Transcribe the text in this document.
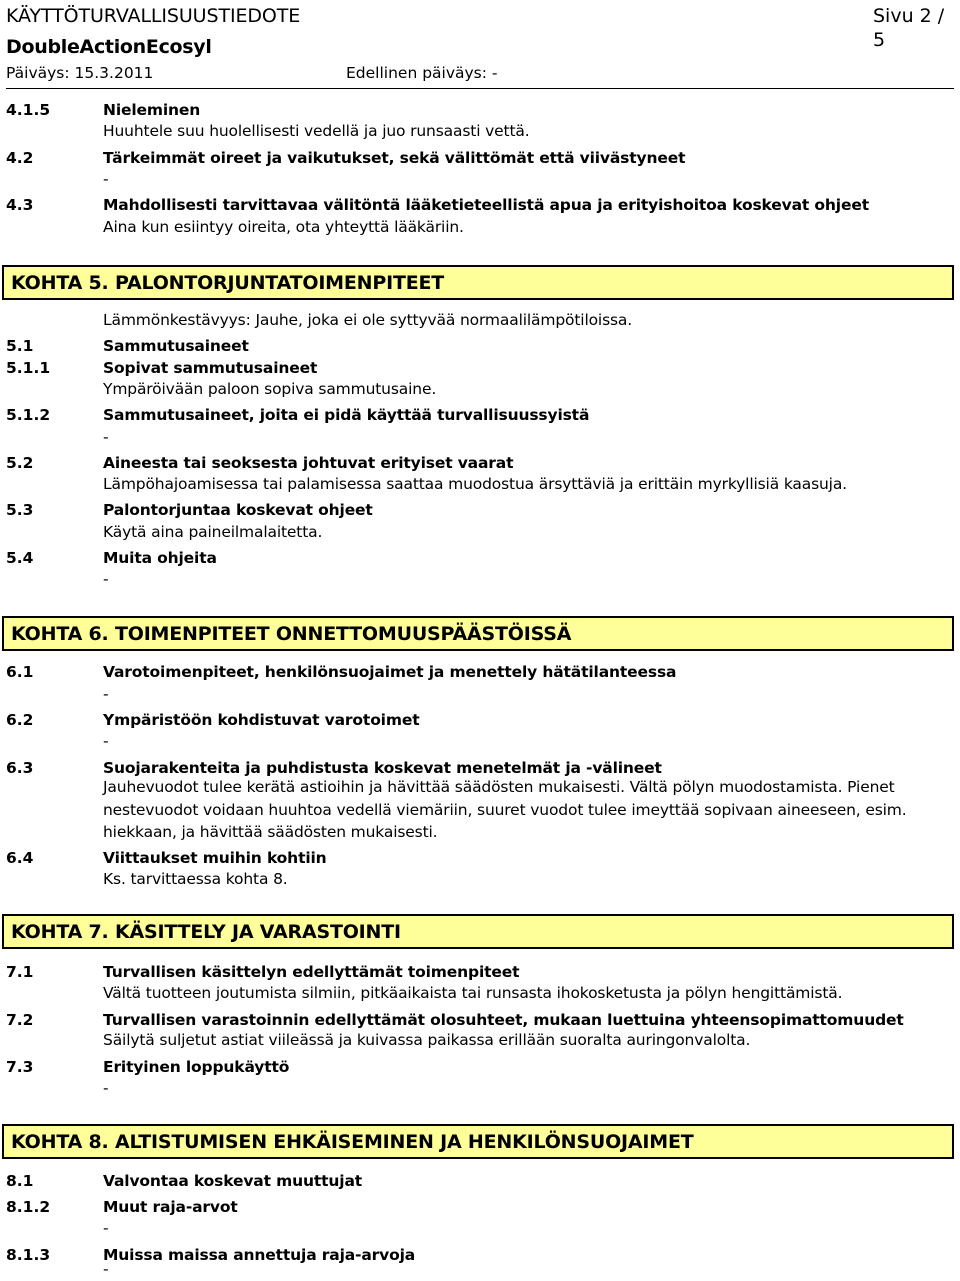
KÄYTTÖTURVALLISUUSTIEDOTE	Sivu 2 / 5
DoubleActionEcosyl
Päiväys: 15.3.2011	Edellinen päiväys: -
4.1.5	Nieleminen
Huuhtele suu huolellisesti vedellä ja juo runsaasti vettä.
4.2	Tärkeimmät oireet ja vaikutukset, sekä välittömät että viivästyneet
-
4.3	Mahdollisesti tarvittavaa välitöntä lääketieteellistä apua ja erityishoitoa koskevat ohjeet
Aina kun esiintyy oireita, ota yhteyttä lääkäriin.
KOHTA 5. PALONTORJUNTATOIMENPITEET
Lämmönkestävyys: Jauhe, joka ei ole syttyvää normaalilämpötiloissa.
5.1	Sammutusaineet
5.1.1	Sopivat sammutusaineet
Ympäröivään paloon sopiva sammutusaine.
5.1.2	Sammutusaineet, joita ei pidä käyttää turvallisuussyistä
-
5.2	Aineesta tai seoksesta johtuvat erityiset vaarat
Lämpöhajoamisessa tai palamisessa saattaa muodostua ärsyttäviä ja erittäin myrkyllisiä kaasuja.
5.3	Palontorjuntaa koskevat ohjeet
Käytä aina paineilmalaitetta.
5.4	Muita ohjeita
-
KOHTA 6. TOIMENPITEET ONNETTOMUUSPÄÄSTÖISSÄ
6.1	Varotoimenpiteet, henkilönsuojaimet ja menettely hätätilanteessa
-
6.2	Ympäristöön kohdistuvat varotoimet
-
6.3	Suojarakenteita ja puhdistusta koskevat menetelmät ja -välineet
Jauhevuodot tulee kerätä astioihin ja hävittää säädösten mukaisesti. Vältä pölyn muodostamista. Pienet
nestevuodot voidaan huuhtoa vedellä viemäriin, suuret vuodot tulee imeyttää sopivaan aineeseen, esim.
hiekkaan, ja hävittää säädösten mukaisesti.
6.4	Viittaukset muihin kohtiin
Ks. tarvittaessa kohta 8.
KOHTA 7. KÄSITTELY JA VARASTOINTI
7.1	Turvallisen käsittelyn edellyttämät toimenpiteet
Vältä tuotteen joutumista silmiin, pitkäaikaista tai runsasta ihokosketusta ja pölyn hengittämistä.
7.2	Turvallisen varastoinnin edellyttämät olosuhteet, mukaan luettuina yhteensopimattomuudet
Säilytä suljetut astiat viileässä ja kuivassa paikassa erillään suoralta auringonvalolta.
7.3	Erityinen loppukäyttö
-
KOHTA 8. ALTISTUMISEN EHKÄISEMINEN JA HENKILÖNSUOJAIMET
8.1	Valvontaa koskevat muuttujat
8.1.2	Muut raja-arvot
-
8.1.3	Muissa maissa annettuja raja-arvoja
-
